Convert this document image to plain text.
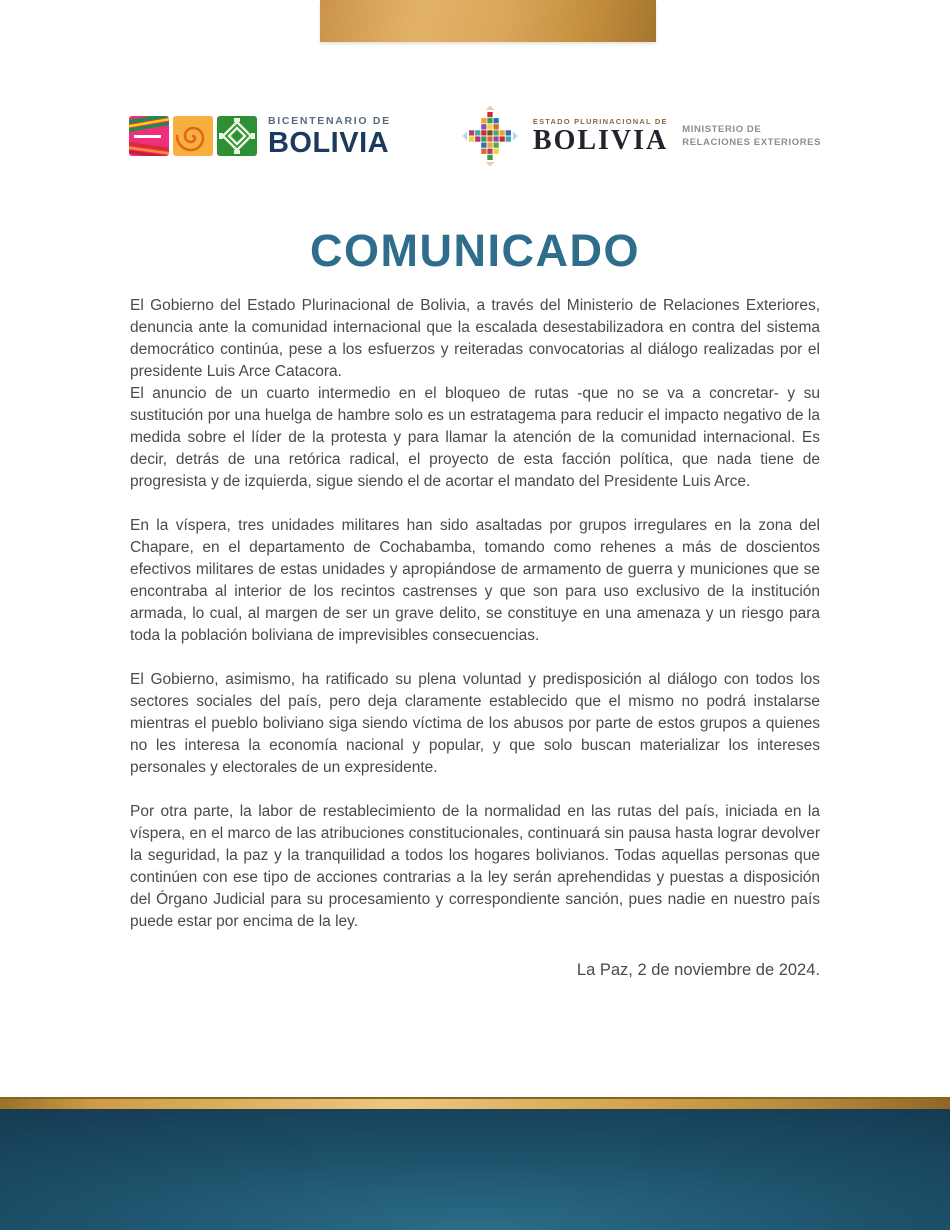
BICENTENARIO DE
BOLIVIA
ESTADO PLURINACIONAL DE
BOLIVIA MINISTERIO DE
RELACIONES EXTERIORES
COMUNICADO

El Gobierno del Estado Plurinacional de Bolivia, a través del Ministerio de Relaciones Exteriores, denuncia ante la comunidad internacional que la escalada desestabilizadora en contra del sistema democrático continúa, pese a los esfuerzos y reiteradas convocatorias al diálogo realizadas por el presidente Luis Arce Catacora.

El anuncio de un cuarto intermedio en el bloqueo de rutas -que no se va a concretar- y su sustitución por una huelga de hambre solo es un estratagema para reducir el impacto negativo de la medida sobre el líder de la protesta y para llamar la atención de la comunidad internacional. Es decir, detrás de una retórica radical, el proyecto de esta facción política, que nada tiene de progresista y de izquierda, sigue siendo el de acortar el mandato del Presidente Luis Arce.

En la víspera, tres unidades militares han sido asaltadas por grupos irregulares en la zona del Chapare, en el departamento de Cochabamba, tomando como rehenes a más de doscientos efectivos militares de estas unidades y apropiándose de armamento de guerra y municiones que se encontraba al interior de los recintos castrenses y que son para uso exclusivo de la institución armada, lo cual, al margen de ser un grave delito, se constituye en una amenaza y un riesgo para toda la población boliviana de imprevisibles consecuencias.

El Gobierno, asimismo, ha ratificado su plena voluntad y predisposición al diálogo con todos los sectores sociales del país, pero deja claramente establecido que el mismo no podrá instalarse mientras el pueblo boliviano siga siendo víctima de los abusos por parte de estos grupos a quienes no les interesa la economía nacional y popular, y que solo buscan materializar los intereses personales y electorales de un expresidente.

Por otra parte, la labor de restablecimiento de la normalidad en las rutas del país, iniciada en la víspera, en el marco de las atribuciones constitucionales, continuará sin pausa hasta lograr devolver la seguridad, la paz y la tranquilidad a todos los hogares bolivianos. Todas aquellas personas que continúen con ese tipo de acciones contrarias a la ley serán aprehendidas y puestas a disposición del Órgano Judicial para su procesamiento y correspondiente sanción, pues nadie en nuestro país puede estar por encima de la ley.

La Paz, 2 de noviembre de 2024.
